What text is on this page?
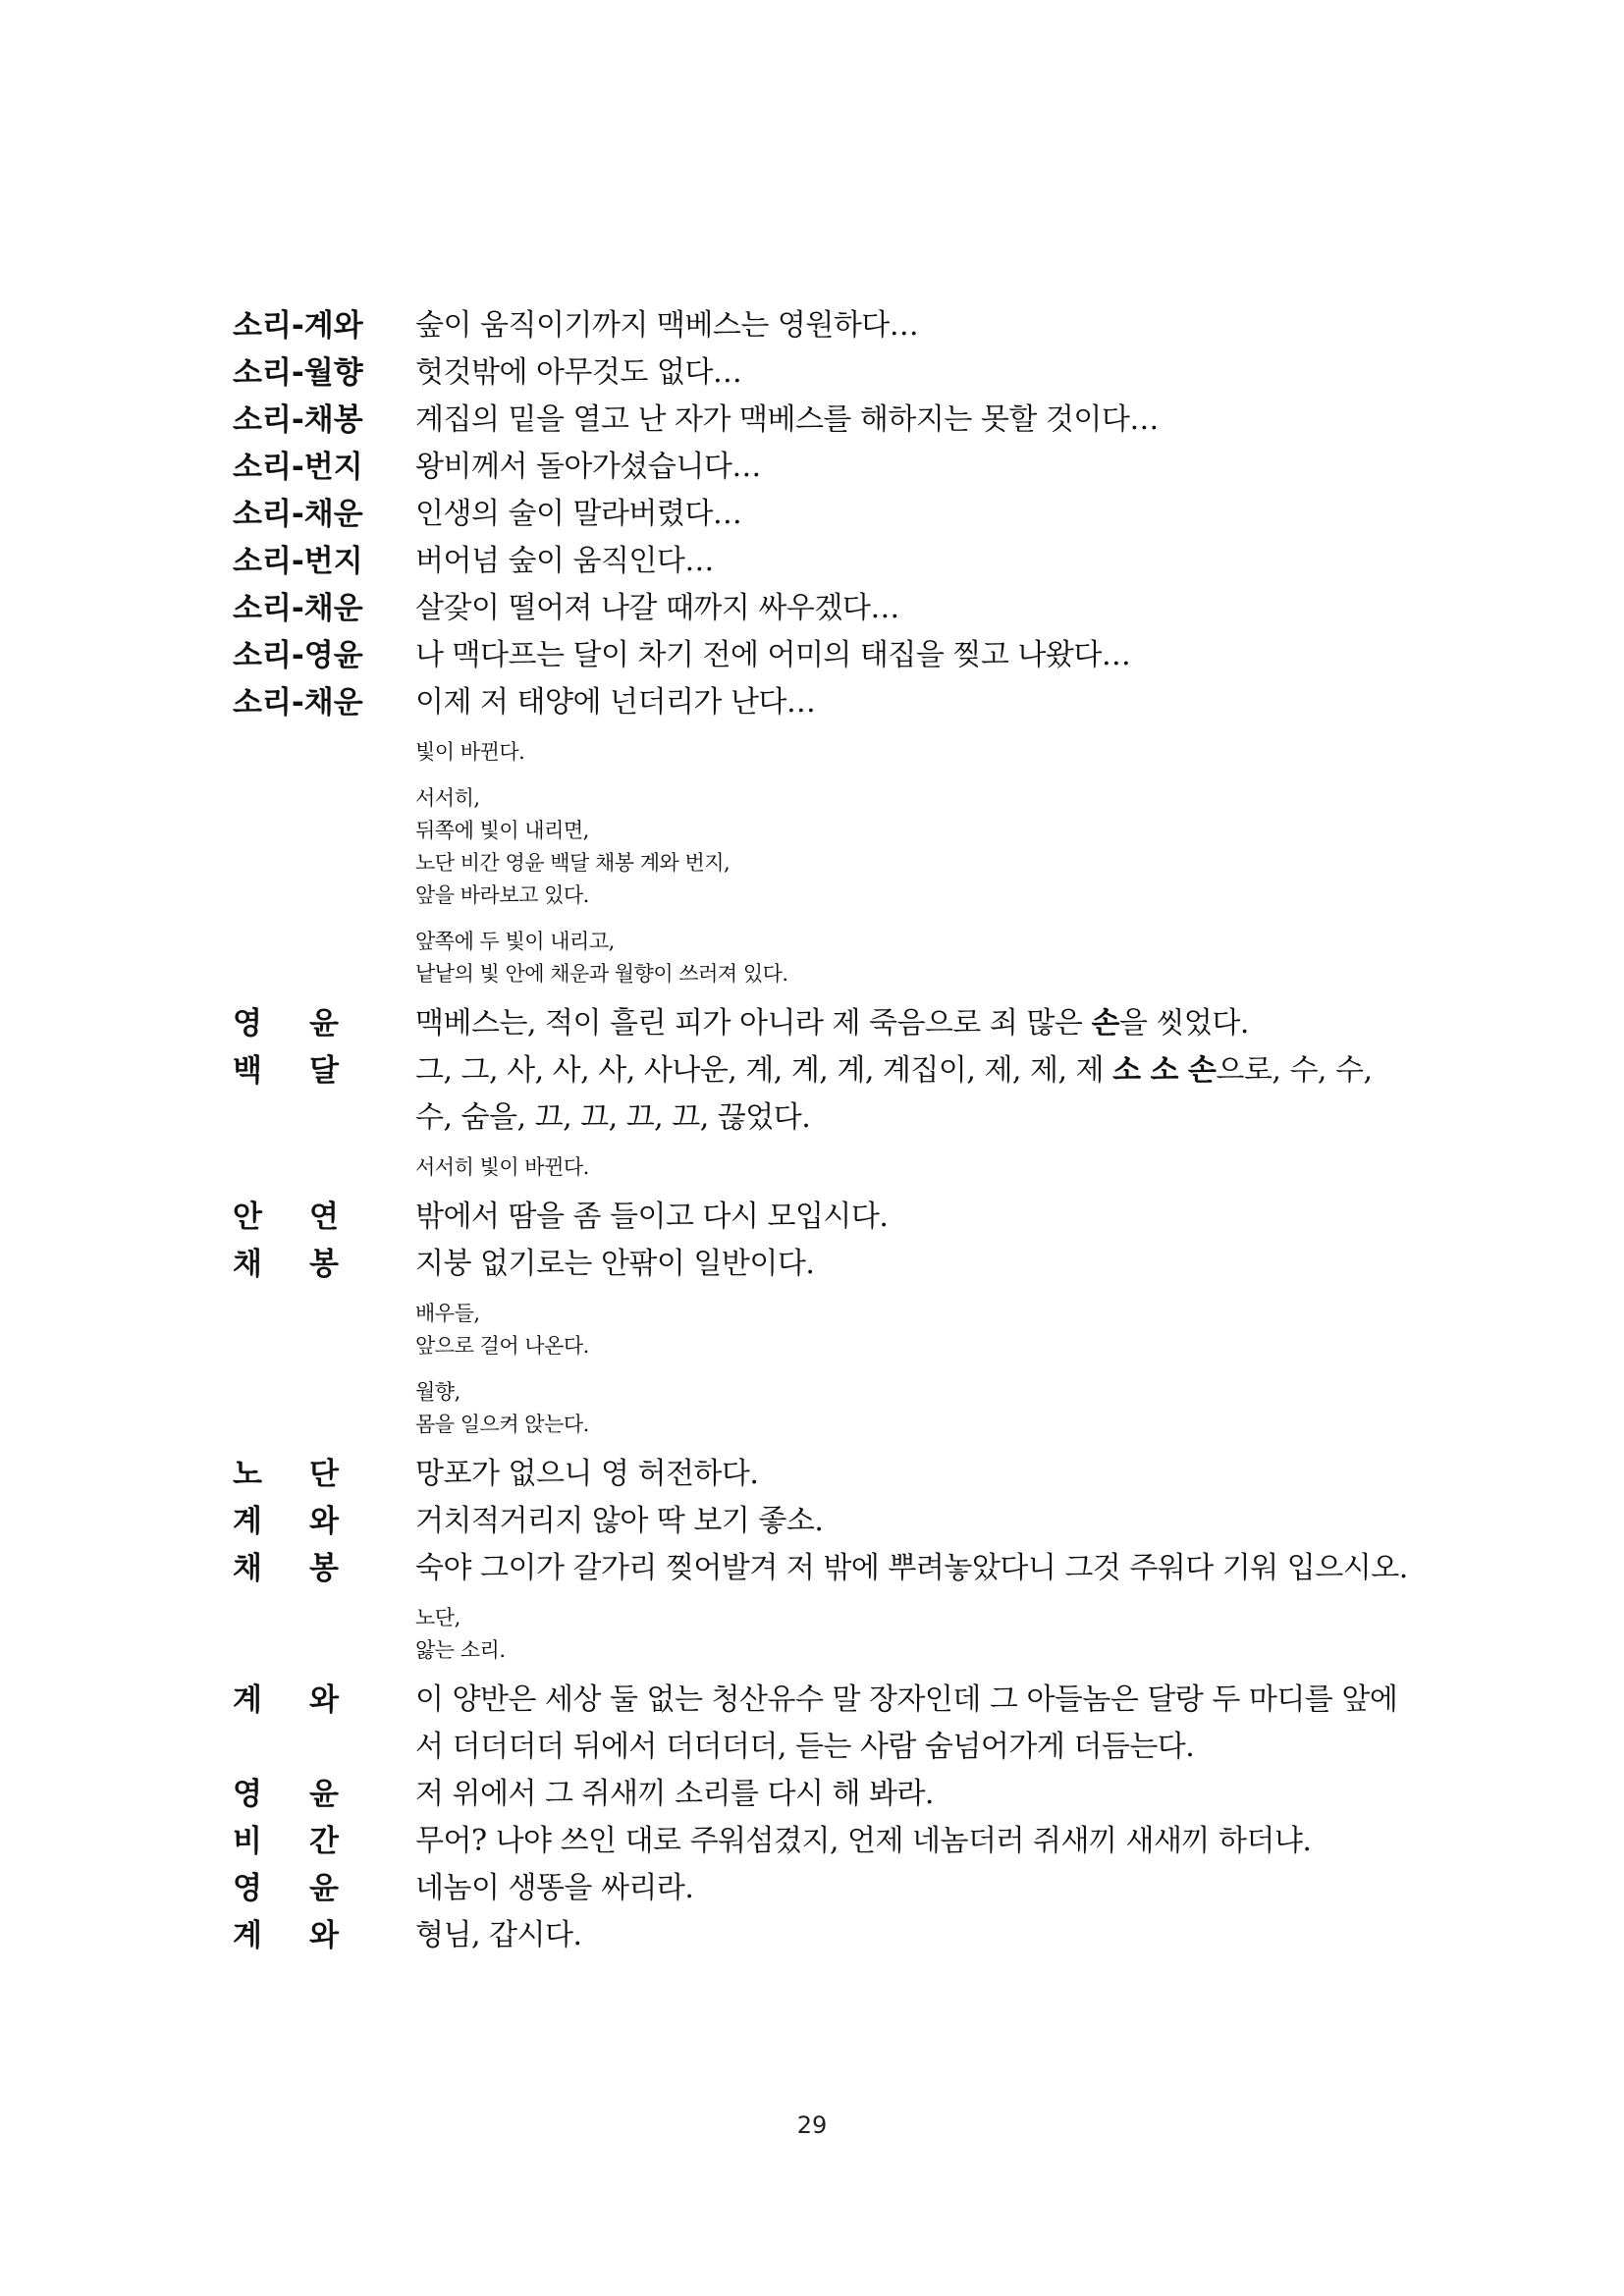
소리-계와	숲이 움직이기까지 맥베스는 영원하다…
소리-월향	헛것밖에 아무것도 없다…
소리-채봉	계집의 밑을 열고 난 자가 맥베스를 해하지는 못할 것이다…
소리-번지	왕비께서 돌아가셨습니다…
소리-채운	인생의 술이 말라버렸다…
소리-번지	버어넘 숲이 움직인다…
소리-채운	살갗이 떨어져 나갈 때까지 싸우겠다…
소리-영윤	나 맥다프는 달이 차기 전에 어미의 태집을 찢고 나왔다…
소리-채운	이제 저 태양에 넌더리가 난다…
빛이 바뀐다.
서서히,
뒤쪽에 빛이 내리면,
노단 비간 영윤 백달 채봉 계와 번지,
앞을 바라보고 있다.
앞쪽에 두 빛이 내리고,
낱낱의 빛 안에 채운과 월향이 쓰러져 있다.
영 윤	맥베스는, 적이 흘린 피가 아니라 제 죽음으로 죄 많은 손을 씻었다.
백 달	그, 그, 사, 사, 사, 사나운, 계, 계, 계, 계집이, 제, 제, 제 소 소 손으로, 수, 수, 수, 숨을, 끄, 끄, 끄, 끄, 끊었다.
서서히 빛이 바뀐다.
안 연	밖에서 땀을 좀 들이고 다시 모입시다.
채 봉	지붕 없기로는 안팎이 일반이다.
배우들,
앞으로 걸어 나온다.
월향,
몸을 일으켜 앉는다.
노 단	망포가 없으니 영 허전하다.
계 와	거치적거리지 않아 딱 보기 좋소.
채 봉	숙야 그이가 갈가리 찢어발겨 저 밖에 뿌려놓았다니 그것 주워다 기워 입으시오.
노단,
앓는 소리.
계 와	이 양반은 세상 둘 없는 청산유수 말 장자인데 그 아들놈은 달랑 두 마디를 앞에서 더더더더 뒤에서 더더더더, 듣는 사람 숨넘어가게 더듬는다.
영 윤	저 위에서 그 쥐새끼 소리를 다시 해 봐라.
비 간	무어? 나야 쓰인 대로 주워섬겼지, 언제 네놈더러 쥐새끼 새새끼 하더냐.
영 윤	네놈이 생똥을 싸리라.
계 와	형님, 갑시다.
29
